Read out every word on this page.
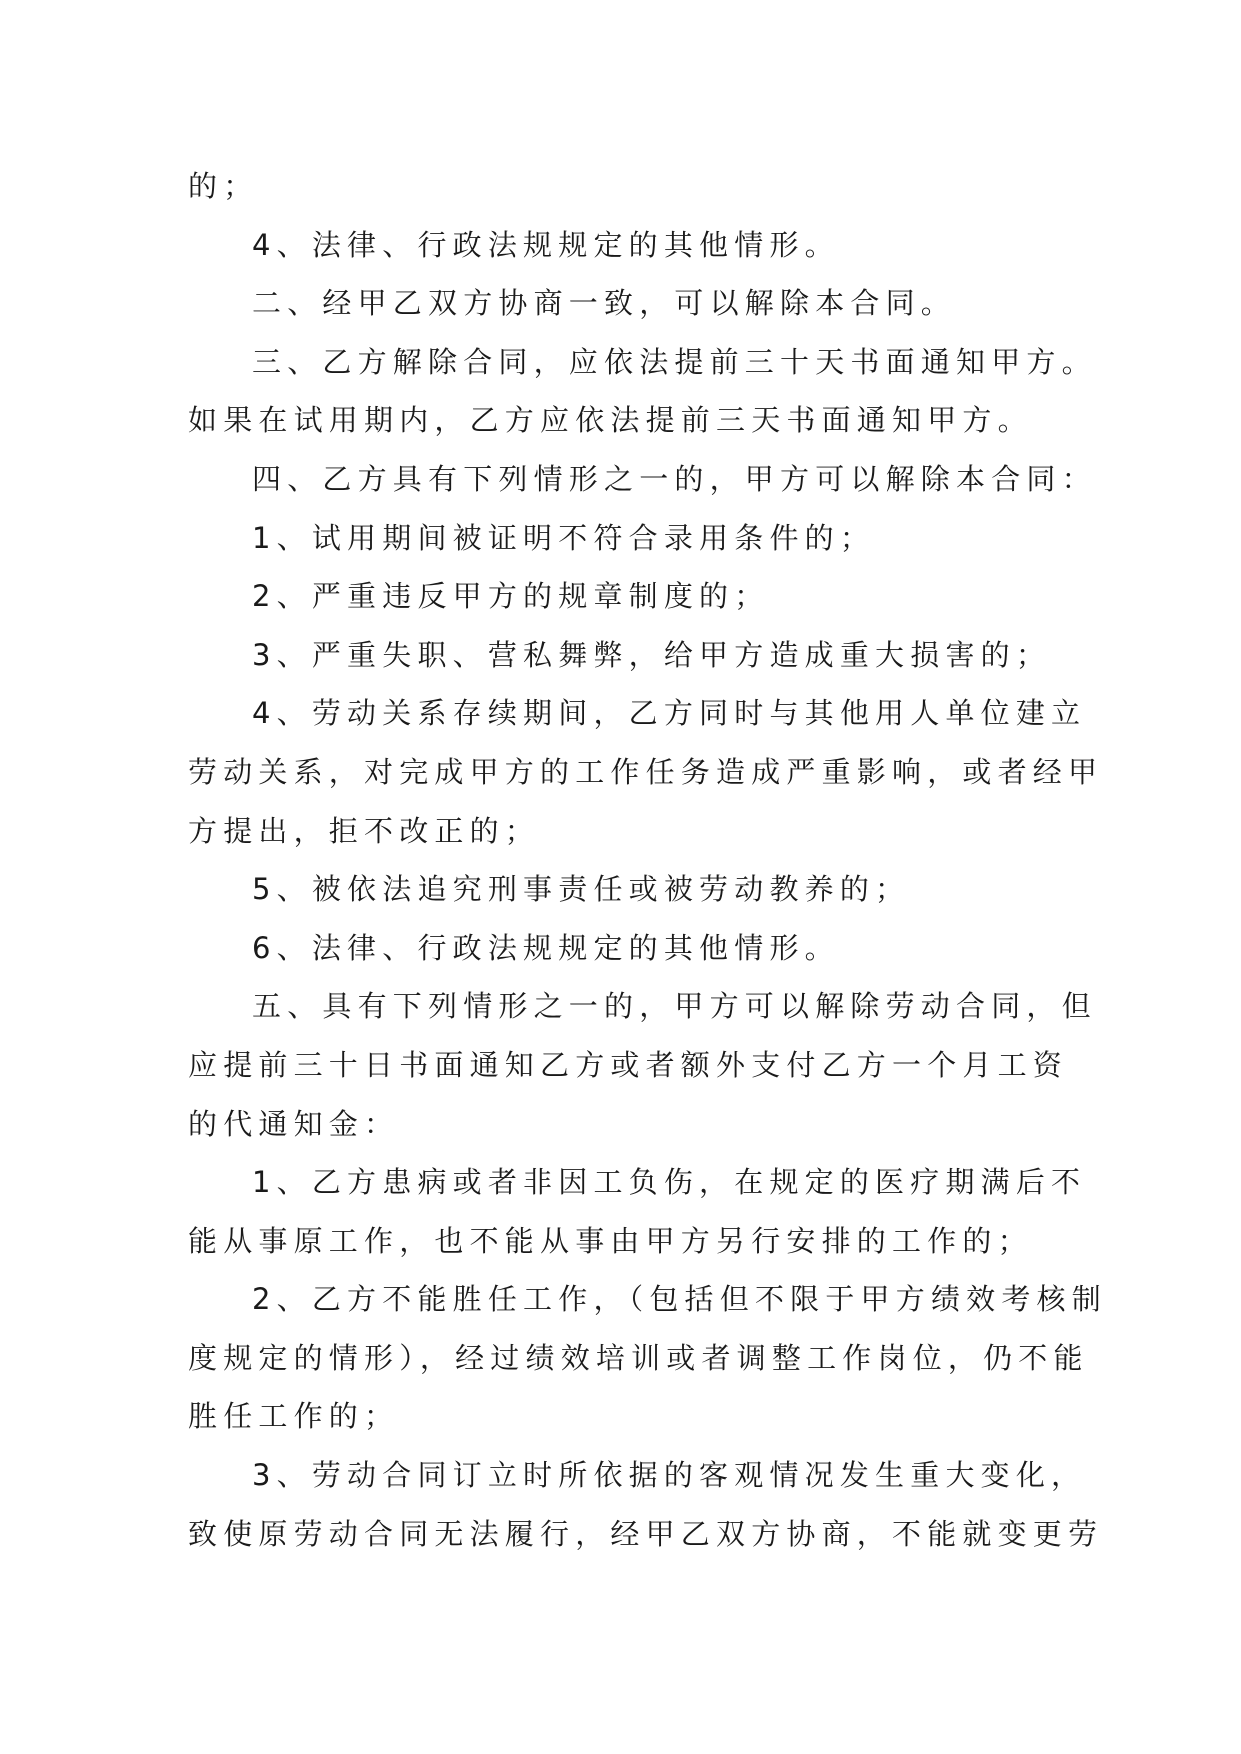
的；

4、法律、行政法规规定的其他情形。

二、经甲乙双方协商一致，可以解除本合同。

三、乙方解除合同，应依法提前三十天书面通知甲方。

如果在试用期内，乙方应依法提前三天书面通知甲方。

四、乙方具有下列情形之一的，甲方可以解除本合同：

1、试用期间被证明不符合录用条件的；

2、严重违反甲方的规章制度的；

3、严重失职、营私舞弊，给甲方造成重大损害的；

4、劳动关系存续期间，乙方同时与其他用人单位建立

劳动关系，对完成甲方的工作任务造成严重影响，或者经甲

方提出，拒不改正的；

5、被依法追究刑事责任或被劳动教养的；

6、法律、行政法规规定的其他情形。

五、具有下列情形之一的，甲方可以解除劳动合同，但

应提前三十日书面通知乙方或者额外支付乙方一个月工资

的代通知金：

1、乙方患病或者非因工负伤，在规定的医疗期满后不

能从事原工作，也不能从事由甲方另行安排的工作的；

2、乙方不能胜任工作，（包括但不限于甲方绩效考核制

度规定的情形），经过绩效培训或者调整工作岗位，仍不能

胜任工作的；

3、劳动合同订立时所依据的客观情况发生重大变化，

致使原劳动合同无法履行，经甲乙双方协商，不能就变更劳
